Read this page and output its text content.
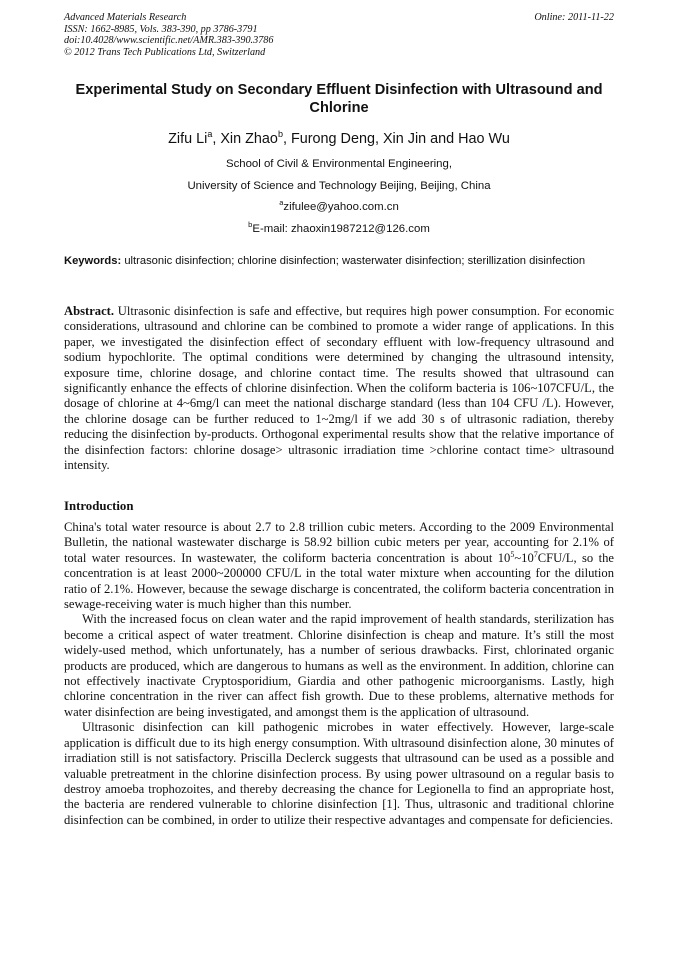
Advanced Materials Research
ISSN: 1662-8985, Vols. 383-390, pp 3786-3791
doi:10.4028/www.scientific.net/AMR.383-390.3786
© 2012 Trans Tech Publications Ltd, Switzerland
Online: 2011-11-22
Experimental Study on Secondary Effluent Disinfection with Ultrasound and Chlorine
Zifu Li$^a$, Xin Zhao$^b$, Furong Deng, Xin Jin and Hao Wu
School of Civil & Environmental Engineering,
University of Science and Technology Beijing, Beijing, China
$^a$zifulee@yahoo.com.cn
$^b$E-mail: zhaoxin1987212@126.com
Keywords: ultrasonic disinfection; chlorine disinfection; wasterwater disinfection; sterillization disinfection
Abstract. Ultrasonic disinfection is safe and effective, but requires high power consumption. For economic considerations, ultrasound and chlorine can be combined to promote a wider range of applications. In this paper, we investigated the disinfection effect of secondary effluent with low-frequency ultrasound and sodium hypochlorite. The optimal conditions were determined by changing the ultrasound intensity, exposure time, chlorine dosage, and chlorine contact time. The results showed that ultrasound can significantly enhance the effects of chlorine disinfection. When the coliform bacteria is 106~107CFU/L, the dosage of chlorine at 4~6mg/l can meet the national discharge standard (less than 104 CFU /L). However, the chlorine dosage can be further reduced to 1~2mg/l if we add 30 s of ultrasonic radiation, thereby reducing the disinfection by-products. Orthogonal experimental results show that the relative importance of the disinfection factors: chlorine dosage> ultrasonic irradiation time >chlorine contact time> ultrasound intensity.
Introduction

China's total water resource is about 2.7 to 2.8 trillion cubic meters. According to the 2009 Environmental Bulletin, the national wastewater discharge is 58.92 billion cubic meters per year, accounting for 2.1% of total water resources. In wastewater, the coliform bacteria concentration is about $10^5\sim 10^7CFU/L$, so the concentration is at least 2000~200000 CFU/L in the total water mixture when accounting for the dilution ratio of 2.1%. However, because the sewage discharge is concentrated, the coliform bacteria concentration in sewage-receiving water is much higher than this number.

With the increased focus on clean water and the rapid improvement of health standards, sterilization has become a critical aspect of water treatment. Chlorine disinfection is cheap and mature. It’s still the most widely-used method, which unfortunately, has a number of serious drawbacks. First, chlorinated organic products are produced, which are dangerous to humans as well as the environment. In addition, chlorine can not effectively inactivate Cryptosporidium, Giardia and other pathogenic microorganisms. Lastly, high chlorine concentration in the river can affect fish growth. Due to these problems, alternative methods for water disinfection are being investigated, and amongst them is the application of ultrasound.

Ultrasonic disinfection can kill pathogenic microbes in water effectively. However, large-scale application is difficult due to its high energy consumption. With ultrasound disinfection alone, 30 minutes of irradiation still is not satisfactory. Priscilla Declerck suggests that ultrasound can be used as a possible and valuable pretreatment in the chlorine disinfection process. By using power ultrasound on a regular basis to destroy amoeba trophozoites, and thereby decreasing the chance for Legionella to find an appropriate host, the bacteria are rendered vulnerable to chlorine disinfection [1]. Thus, ultrasonic and traditional chlorine disinfection can be combined, in order to utilize their respective advantages and compensate for deficiencies.
